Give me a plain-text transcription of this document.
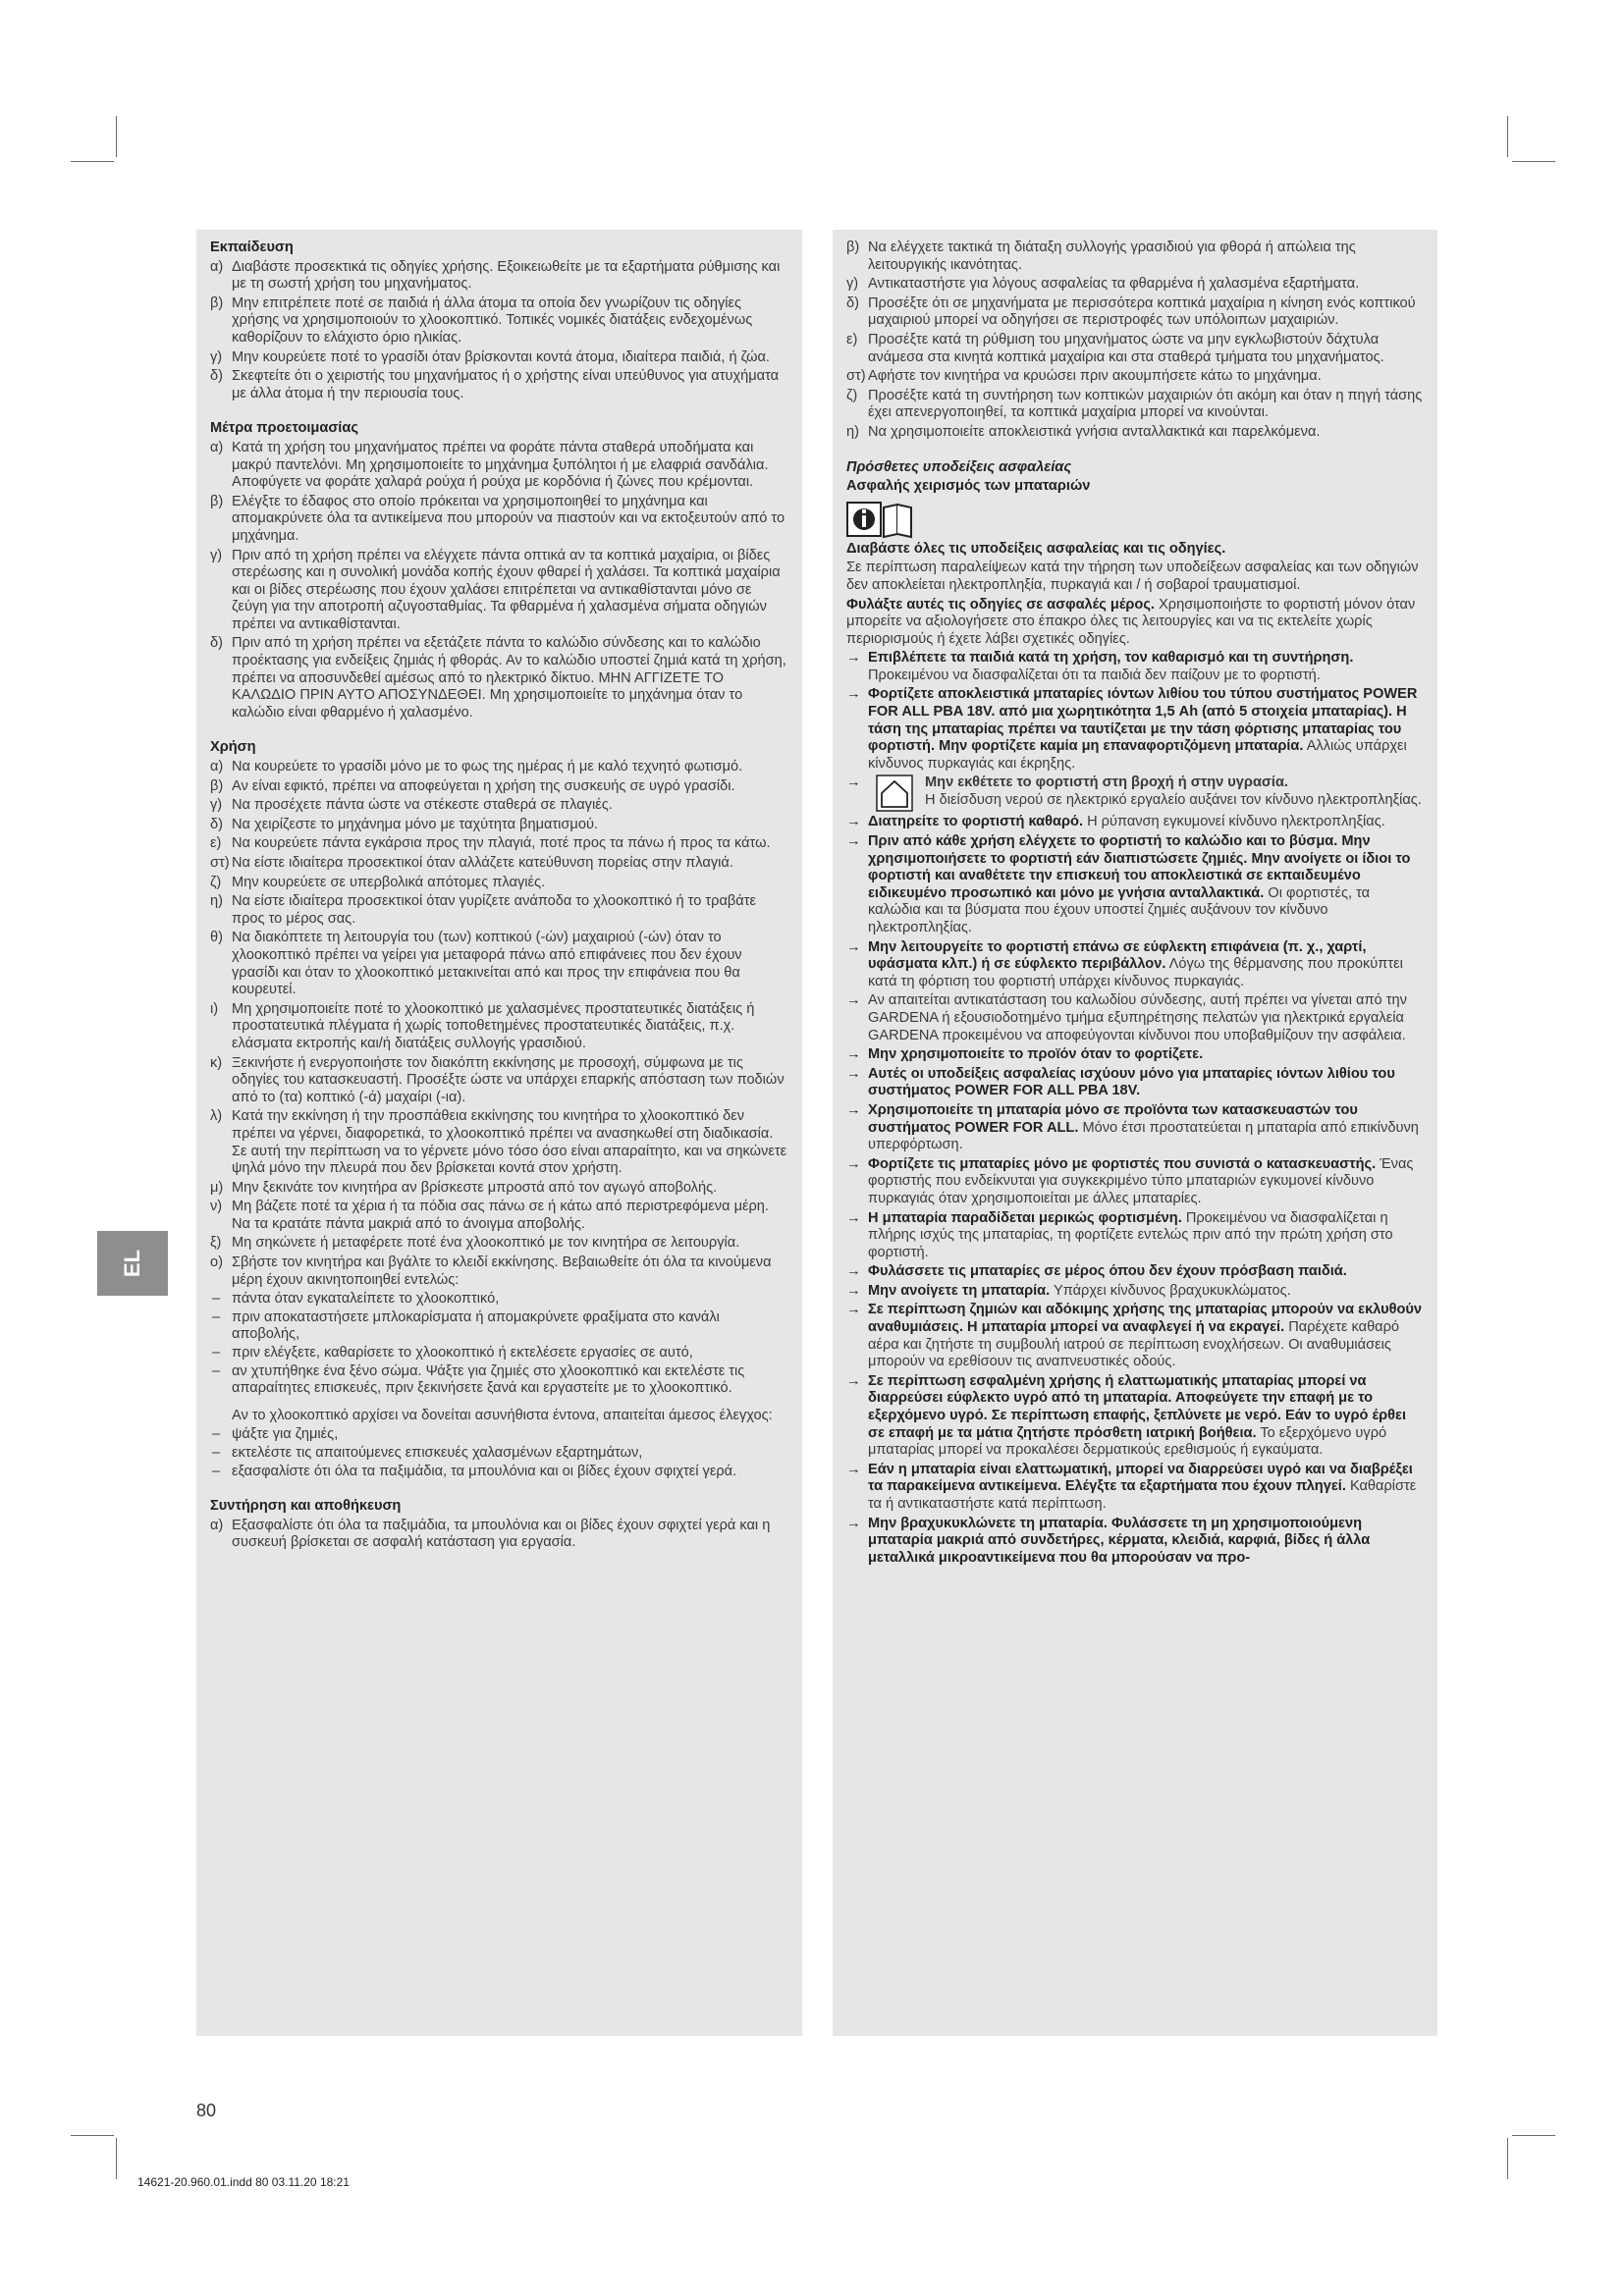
EL
Εκπαίδευση
α) Διαβάστε προσεκτικά τις οδηγίες χρήσης. Εξοικειωθείτε με τα εξαρτήματα ρύθμισης και με τη σωστή χρήση του μηχανήματος.
β) Μην επιτρέπετε ποτέ σε παιδιά ή άλλα άτομα τα οποία δεν γνωρίζουν τις οδηγίες χρήσης να χρησιμοποιούν το χλοοκοπτικό. Τοπικές νομικές διατάξεις ενδεχομένως καθορίζουν το ελάχιστο όριο ηλικίας.
γ) Μην κουρεύετε ποτέ το γρασίδι όταν βρίσκονται κοντά άτομα, ιδιαίτερα παιδιά, ή ζώα.
δ) Σκεφτείτε ότι ο χειριστής του μηχανήματος ή ο χρήστης είναι υπεύθυνος για ατυχήματα με άλλα άτομα ή την περιουσία τους.
Μέτρα προετοιμασίας
α) Κατά τη χρήση του μηχανήματος πρέπει να φοράτε πάντα σταθερά υποδήματα και μακρύ παντελόνι. Μη χρησιμοποιείτε το μηχάνημα ξυπόλητοι ή με ελαφριά σανδάλια. Αποφύγετε να φοράτε χαλαρά ρούχα ή ρούχα με κορδόνια ή ζώνες που κρέμονται.
β) Ελέγξτε το έδαφος στο οποίο πρόκειται να χρησιμοποιηθεί το μηχάνημα και απομακρύνετε όλα τα αντικείμενα που μπορούν να πιαστούν και να εκτοξευτούν από το μηχάνημα.
γ) Πριν από τη χρήση πρέπει να ελέγχετε πάντα οπτικά αν τα κοπτικά μαχαίρια, οι βίδες στερέωσης και η συνολική μονάδα κοπής έχουν φθαρεί ή χαλάσει. Τα κοπτικά μαχαίρια και οι βίδες στερέωσης που έχουν χαλάσει επιτρέπεται να αντικαθίστανται μόνο σε ζεύγη για την αποτροπή αζυγοσταθμίας. Τα φθαρμένα ή χαλασμένα σήματα οδηγιών πρέπει να αντικαθίστανται.
δ) Πριν από τη χρήση πρέπει να εξετάζετε πάντα το καλώδιο σύνδεσης και το καλώδιο προέκτασης για ενδείξεις ζημιάς ή φθοράς. Αν το καλώδιο υποστεί ζημιά κατά τη χρήση, πρέπει να αποσυνδεθεί αμέσως από το ηλεκτρικό δίκτυο. ΜΗΝ ΑΓΓΙΖΕΤΕ ΤΟ ΚΑΛΩΔΙΟ ΠΡΙΝ ΑΥΤΟ ΑΠΟΣΥΝΔΕΘΕΙ. Μη χρησιμοποιείτε το μηχάνημα όταν το καλώδιο είναι φθαρμένο ή χαλασμένο.
Χρήση
α) Να κουρεύετε το γρασίδι μόνο με το φως της ημέρας ή με καλό τεχνητό φωτισμό.
β) Αν είναι εφικτό, πρέπει να αποφεύγεται η χρήση της συσκευής σε υγρό γρασίδι.
γ) Να προσέχετε πάντα ώστε να στέκεστε σταθερά σε πλαγιές.
δ) Να χειρίζεστε το μηχάνημα μόνο με ταχύτητα βηματισμού.
ε) Να κουρεύετε πάντα εγκάρσια προς την πλαγιά, ποτέ προς τα πάνω ή προς τα κάτω.
στ) Να είστε ιδιαίτερα προσεκτικοί όταν αλλάζετε κατεύθυνση πορείας στην πλαγιά.
ζ) Μην κουρεύετε σε υπερβολικά απότομες πλαγιές.
η) Να είστε ιδιαίτερα προσεκτικοί όταν γυρίζετε ανάποδα το χλοοκοπτικό ή το τραβάτε προς το μέρος σας.
θ) Να διακόπτετε τη λειτουργία του (των) κοπτικού (-ών) μαχαιριού (-ών) όταν το χλοοκοπτικό πρέπει να γείρει για μεταφορά πάνω από επιφάνειες που δεν έχουν γρασίδι και όταν το χλοοκοπτικό μετακινείται από και προς την επιφάνεια που θα κουρευτεί.
ι) Μη χρησιμοποιείτε ποτέ το χλοοκοπτικό με χαλασμένες προστατευτικές διατάξεις ή προστατευτικά πλέγματα ή χωρίς τοποθετημένες προστατευτικές διατάξεις, π.χ. ελάσματα εκτροπής και/ή διατάξεις συλλογής γρασιδιού.
κ) Ξεκινήστε ή ενεργοποιήστε τον διακόπτη εκκίνησης με προσοχή, σύμφωνα με τις οδηγίες του κατασκευαστή. Προσέξτε ώστε να υπάρχει επαρκής απόσταση των ποδιών από το (τα) κοπτικό (-ά) μαχαίρι (-ια).
λ) Κατά την εκκίνηση ή την προσπάθεια εκκίνησης του κινητήρα το χλοοκοπτικό δεν πρέπει να γέρνει, διαφορετικά, το χλοοκοπτικό πρέπει να ανασηκωθεί στη διαδικασία. Σε αυτή την περίπτωση να το γέρνετε μόνο τόσο όσο είναι απαραίτητο, και να σηκώνετε ψηλά μόνο την πλευρά που δεν βρίσκεται κοντά στον χρήστη.
μ) Μην ξεκινάτε τον κινητήρα αν βρίσκεστε μπροστά από τον αγωγό αποβολής.
ν) Μη βάζετε ποτέ τα χέρια ή τα πόδια σας πάνω σε ή κάτω από περιστρεφόμενα μέρη. Να τα κρατάτε πάντα μακριά από το άνοιγμα αποβολής.
ξ) Μη σηκώνετε ή μεταφέρετε ποτέ ένα χλοοκοπτικό με τον κινητήρα σε λειτουργία.
ο) Σβήστε τον κινητήρα και βγάλτε το κλειδί εκκίνησης. Βεβαιωθείτε ότι όλα τα κινούμενα μέρη έχουν ακινητοποιηθεί εντελώς:
– πάντα όταν εγκαταλείπετε το χλοοκοπτικό,
– πριν αποκαταστήσετε μπλοκαρίσματα ή απομακρύνετε φραξίματα στο κανάλι αποβολής,
– πριν ελέγξετε, καθαρίσετε το χλοοκοπτικό ή εκτελέσετε εργασίες σε αυτό,
– αν χτυπήθηκε ένα ξένο σώμα. Ψάξτε για ζημιές στο χλοοκοπτικό και εκτελέστε τις απαραίτητες επισκευές, πριν ξεκινήσετε ξανά και εργαστείτε με το χλοοκοπτικό.
Αν το χλοοκοπτικό αρχίσει να δονείται ασυνήθιστα έντονα, απαιτείται άμεσος έλεγχος:
– ψάξτε για ζημιές,
– εκτελέστε τις απαιτούμενες επισκευές χαλασμένων εξαρτημάτων,
– εξασφαλίστε ότι όλα τα παξιμάδια, τα μπουλόνια και οι βίδες έχουν σφιχτεί γερά.
Συντήρηση και αποθήκευση
α) Εξασφαλίστε ότι όλα τα παξιμάδια, τα μπουλόνια και οι βίδες έχουν σφιχτεί γερά και η συσκευή βρίσκεται σε ασφαλή κατάσταση για εργασία.
β) Να ελέγχετε τακτικά τη διάταξη συλλογής γρασιδιού για φθορά ή απώλεια της λειτουργικής ικανότητας.
γ) Αντικαταστήστε για λόγους ασφαλείας τα φθαρμένα ή χαλασμένα εξαρτήματα.
δ) Προσέξτε ότι σε μηχανήματα με περισσότερα κοπτικά μαχαίρια η κίνηση ενός κοπτικού μαχαιριού μπορεί να οδηγήσει σε περιστροφές των υπόλοιπων μαχαιριών.
ε) Προσέξτε κατά τη ρύθμιση του μηχανήματος ώστε να μην εγκλωβιστούν δάχτυλα ανάμεσα στα κινητά κοπτικά μαχαίρια και στα σταθερά τμήματα του μηχανήματος.
στ) Αφήστε τον κινητήρα να κρυώσει πριν ακουμπήσετε κάτω το μηχάνημα.
ζ) Προσέξτε κατά τη συντήρηση των κοπτικών μαχαιριών ότι ακόμη και όταν η πηγή τάσης έχει απενεργοποιηθεί, τα κοπτικά μαχαίρια μπορεί να κινούνται.
η) Να χρησιμοποιείτε αποκλειστικά γνήσια ανταλλακτικά και παρελκόμενα.
Πρόσθετες υποδείξεις ασφαλείας
Ασφαλής χειρισμός των μπαταριών
Διαβάστε όλες τις υποδείξεις ασφαλείας και τις οδηγίες.
Σε περίπτωση παραλείψεων κατά την τήρηση των υποδείξεων ασφαλείας και των οδηγιών δεν αποκλείεται ηλεκτροπληξία, πυρκαγιά και / ή σοβαροί τραυματισμοί.
Φυλάξτε αυτές τις οδηγίες σε ασφαλές μέρος. Χρησιμοποιήστε το φορτιστή μόνον όταν μπορείτε να αξιολογήσετε στο έπακρο όλες τις λειτουργίες και να τις εκτελείτε χωρίς περιορισμούς ή έχετε λάβει σχετικές οδηγίες.
→ Επιβλέπετε τα παιδιά κατά τη χρήση, τον καθαρισμό και τη συντήρηση. Προκειμένου να διασφαλίζεται ότι τα παιδιά δεν παίζουν με το φορτιστή.
→ Φορτίζετε αποκλειστικά μπαταρίες ιόντων λιθίου του τύπου συστήματος POWER FOR ALL PBA 18V. από μια χωρητικότητα 1,5 Ah (από 5 στοιχεία μπαταρίας). Η τάση της μπαταρίας πρέπει να ταυτίζεται με την τάση φόρτισης μπαταρίας του φορτιστή. Μην φορτίζετε καμία μη επαναφορτιζόμενη μπαταρία. Αλλιώς υπάρχει κίνδυνος πυρκαγιάς και έκρηξης.
→	Μην εκθέτετε το φορτιστή στη βροχή ή στην υγρασία.
Η διείσδυση νερού σε ηλεκτρικό εργαλείο αυξάνει τον κίνδυνο ηλεκτροπληξίας.
→ Διατηρείτε το φορτιστή καθαρό. Η ρύπανση εγκυμονεί κίνδυνο ηλεκτροπληξίας.
→ Πριν από κάθε χρήση ελέγχετε το φορτιστή το καλώδιο και το βύσμα. Μην χρησιμοποιήσετε το φορτιστή εάν διαπιστώσετε ζημιές. Μην ανοίγετε οι ίδιοι το φορτιστή και αναθέτετε την επισκευή του αποκλειστικά σε εκπαιδευμένο ειδικευμένο προσωπικό και μόνο με γνήσια ανταλλακτικά. Οι φορτιστές, τα καλώδια και τα βύσματα που έχουν υποστεί ζημιές αυξάνουν τον κίνδυνο ηλεκτροπληξίας.
→ Μην λειτουργείτε το φορτιστή επάνω σε εύφλεκτη επιφάνεια (π. χ., χαρτί, υφάσματα κλπ.) ή σε εύφλεκτο περιβάλλον. Λόγω της θέρμανσης που προκύπτει κατά τη φόρτιση του φορτιστή υπάρχει κίνδυνος πυρκαγιάς.
→ Αν απαιτείται αντικατάσταση του καλωδίου σύνδεσης, αυτή πρέπει να γίνεται από την GARDENA ή εξουσιοδοτημένο τμήμα εξυπηρέτησης πελατών για ηλεκτρικά εργαλεία GARDENA προκειμένου να αποφεύγονται κίνδυνοι που υποβαθμίζουν την ασφάλεια.
→ Μην χρησιμοποιείτε το προϊόν όταν το φορτίζετε.
→ Αυτές οι υποδείξεις ασφαλείας ισχύουν μόνο για μπαταρίες ιόντων λιθίου του συστήματος POWER FOR ALL PBA 18V.
→ Χρησιμοποιείτε τη μπαταρία μόνο σε προϊόντα των κατασκευαστών του συστήματος POWER FOR ALL. Μόνο έτσι προστατεύεται η μπαταρία από επικίνδυνη υπερφόρτωση.
→ Φορτίζετε τις μπαταρίες μόνο με φορτιστές που συνιστά ο κατασκευαστής. Ένας φορτιστής που ενδείκνυται για συγκεκριμένο τύπο μπαταριών εγκυμονεί κίνδυνο πυρκαγιάς όταν χρησιμοποιείται με άλλες μπαταρίες.
→ Η μπαταρία παραδίδεται μερικώς φορτισμένη. Προκειμένου να διασφαλίζεται η πλήρης ισχύς της μπαταρίας, τη φορτίζετε εντελώς πριν από την πρώτη χρήση στο φορτιστή.
→ Φυλάσσετε τις μπαταρίες σε μέρος όπου δεν έχουν πρόσβαση παιδιά.
→ Μην ανοίγετε τη μπαταρία. Υπάρχει κίνδυνος βραχυκυκλώματος.
→ Σε περίπτωση ζημιών και αδόκιμης χρήσης της μπαταρίας μπορούν να εκλυθούν αναθυμιάσεις. Η μπαταρία μπορεί να αναφλεγεί ή να εκραγεί. Παρέχετε καθαρό αέρα και ζητήστε τη συμβουλή ιατρού σε περίπτωση ενοχλήσεων. Οι αναθυμιάσεις μπορούν να ερεθίσουν τις αναπνευστικές οδούς.
→ Σε περίπτωση εσφαλμένη χρήσης ή ελαττωματικής μπαταρίας μπορεί να διαρρεύσει εύφλεκτο υγρό από τη μπαταρία. Αποφεύγετε την επαφή με το εξερχόμενο υγρό. Σε περίπτωση επαφής, ξεπλύνετε με νερό. Εάν το υγρό έρθει σε επαφή με τα μάτια ζητήστε πρόσθετη ιατρική βοήθεια. Το εξερχόμενο υγρό μπαταρίας μπορεί να προκαλέσει δερματικούς ερεθισμούς ή εγκαύματα.
→ Εάν η μπαταρία είναι ελαττωματική, μπορεί να διαρρεύσει υγρό και να διαβρέξει τα παρακείμενα αντικείμενα. Ελέγξτε τα εξαρτήματα που έχουν πληγεί. Καθαρίστε τα ή αντικαταστήστε κατά περίπτωση.
→ Μην βραχυκυκλώνετε τη μπαταρία. Φυλάσσετε τη μη χρησιμοποιούμενη μπαταρία μακριά από συνδετήρες, κέρματα, κλειδιά, καρφιά, βίδες ή άλλα μεταλλικά μικροαντικείμενα που θα μπορούσαν να προ-
80
14621-20.960.01.indd 80 03.11.20 18:21
